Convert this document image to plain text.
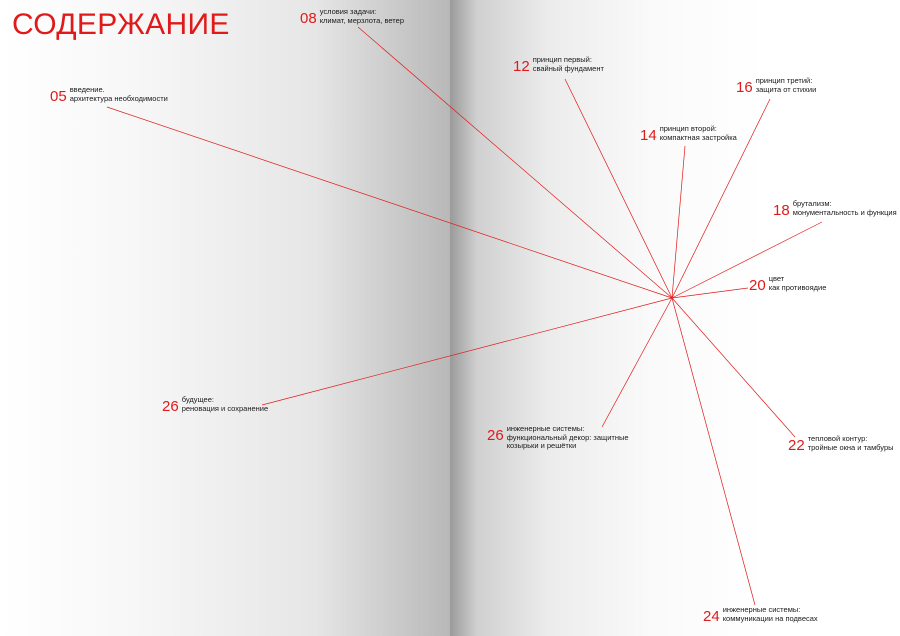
СОДЕРЖАНИЕ
05 введение.
архитектура необходимости
08 условия задачи:
климат, мерзлота, ветер
12 принцип первый:
свайный фундамент
16 принцип третий:
защита от стихии
14 принцип второй:
компактная застройка
18 брутализм:
монументальность и функция
20 цвет
как противоядие
26 будущее:
реновация и сохранение
26 инженерные системы:
функциональный декор: защитные
козырьки и решётки	22 тепловой контур:
тройные окна и тамбуры
24 инженерные системы:
коммуникации на подвесах
